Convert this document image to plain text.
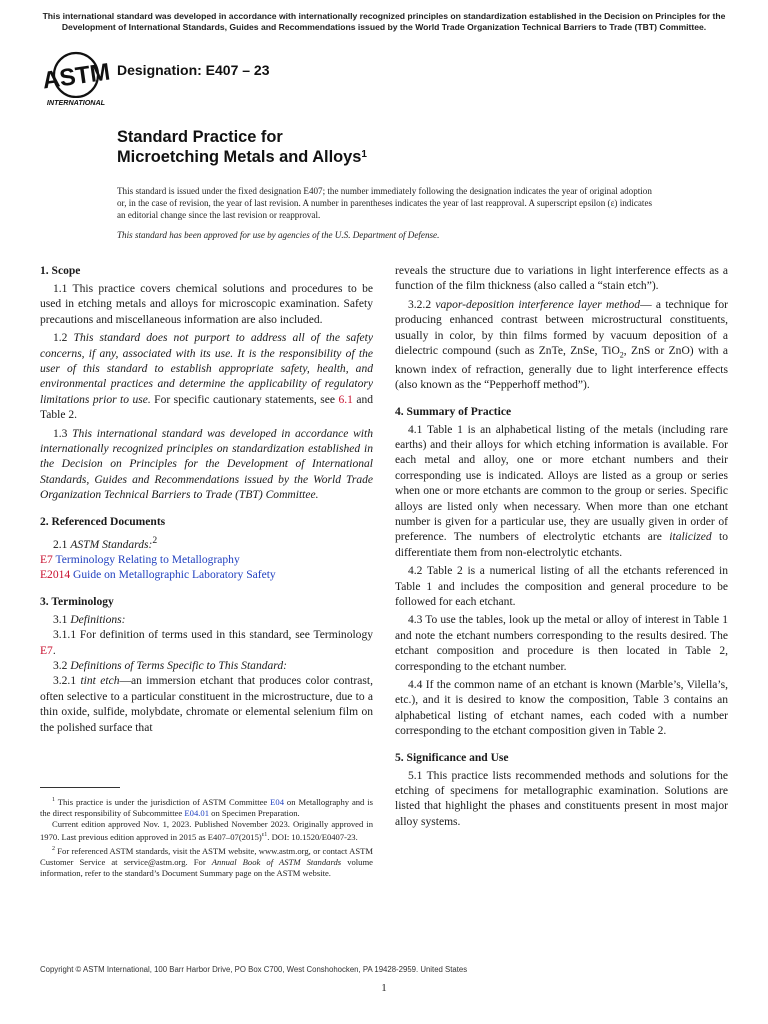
This international standard was developed in accordance with internationally recognized principles on standardization established in the Decision on Principles for the Development of International Standards, Guides and Recommendations issued by the World Trade Organization Technical Barriers to Trade (TBT) Committee.
ASTM
INTERNATIONAL
Designation: E407 – 23
Standard Practice for
Microetching Metals and Alloys$^1$
This standard is issued under the fixed designation E407; the number immediately following the designation indicates the year of original adoption or, in the case of revision, the year of last revision. A number in parentheses indicates the year of last reapproval. A superscript epsilon (ε) indicates an editorial change since the last revision or reapproval.
This standard has been approved for use by agencies of the U.S. Department of Defense.
1. Scope

1.1 This practice covers chemical solutions and procedures to be used in etching metals and alloys for microscopic examination. Safety precautions and miscellaneous information are also included.

1.2 This standard does not purport to address all of the safety concerns, if any, associated with its use. It is the responsibility of the user of this standard to establish appropriate safety, health, and environmental practices and determine the applicability of regulatory limitations prior to use. For specific cautionary statements, see 6.1 and Table 2.

1.3 This international standard was developed in accordance with internationally recognized principles on standardization established in the Decision on Principles for the Development of International Standards, Guides and Recommendations issued by the World Trade Organization Technical Barriers to Trade (TBT) Committee.

2. Referenced Documents

2.1 ASTM Standards:$^2$

E7 Terminology Relating to Metallography

E2014 Guide on Metallographic Laboratory Safety

3. Terminology

3.1 Definitions:

3.1.1 For definition of terms used in this standard, see Terminology E7.

3.2 Definitions of Terms Specific to This Standard:

3.2.1 tint etch—an immersion etchant that produces color contrast, often selective to a particular constituent in the microstructure, due to a thin oxide, sulfide, molybdate, chromate or elemental selenium film on the polished surface that

$^1$ This practice is under the jurisdiction of ASTM Committee E04 on Metallography and is the direct responsibility of Subcommittee E04.01 on Specimen Preparation.

Current edition approved Nov. 1, 2023. Published November 2023. Originally approved in 1970. Last previous edition approved in 2015 as $E407-07(2015)^{\varepsilon 1}$. DOI: 10.1520/E0407-23.

$^2$ For referenced ASTM standards, visit the ASTM website, www.astm.org, or contact ASTM Customer Service at service@astm.org. For Annual Book of ASTM Standards volume information, refer to the standard’s Document Summary page on the ASTM website.

reveals the structure due to variations in light interference effects as a function of the film thickness (also called a “stain etch”).

3.2.2 vapor-deposition interference layer method— a technique for producing enhanced contrast between microstructural constituents, usually in color, by thin films formed by vacuum deposition of a dielectric compound (such as ZnTe, ZnSe, TiO$_2$, ZnS or ZnO) with a known index of refraction, generally due to light interference effects (also known as the “Pepperhoff method”).

4. Summary of Practice

4.1 Table 1 is an alphabetical listing of the metals (including rare earths) and their alloys for which etching information is available. For each metal and alloy, one or more etchant numbers and their corresponding use is indicated. Alloys are listed as a group or series when one or more etchants are common to the group or series. Specific alloys are listed only when necessary. When more than one etchant number is given for a particular use, they are usually given in order of preference. The numbers of electrolytic etchants are italicized to differentiate them from non-electrolytic etchants.

4.2 Table 2 is a numerical listing of all the etchants referenced in Table 1 and includes the composition and general procedure to be followed for each etchant.

4.3 To use the tables, look up the metal or alloy of interest in Table 1 and note the etchant numbers corresponding to the results desired. The etchant composition and procedure is then located in Table 2, corresponding to the etchant number.

4.4 If the common name of an etchant is known (Marble’s, Vilella’s, etc.), and it is desired to know the composition, Table 3 contains an alphabetical listing of etchant names, each coded with a number corresponding to the etchant composition given in Table 2.

5. Significance and Use

5.1 This practice lists recommended methods and solutions for the etching of specimens for metallographic examination. Solutions are listed that highlight the phases and constituents present in most major alloy systems.

Copyright © ASTM International, 100 Barr Harbor Drive, PO Box C700, West Conshohocken, PA 19428-2959. United States
1
